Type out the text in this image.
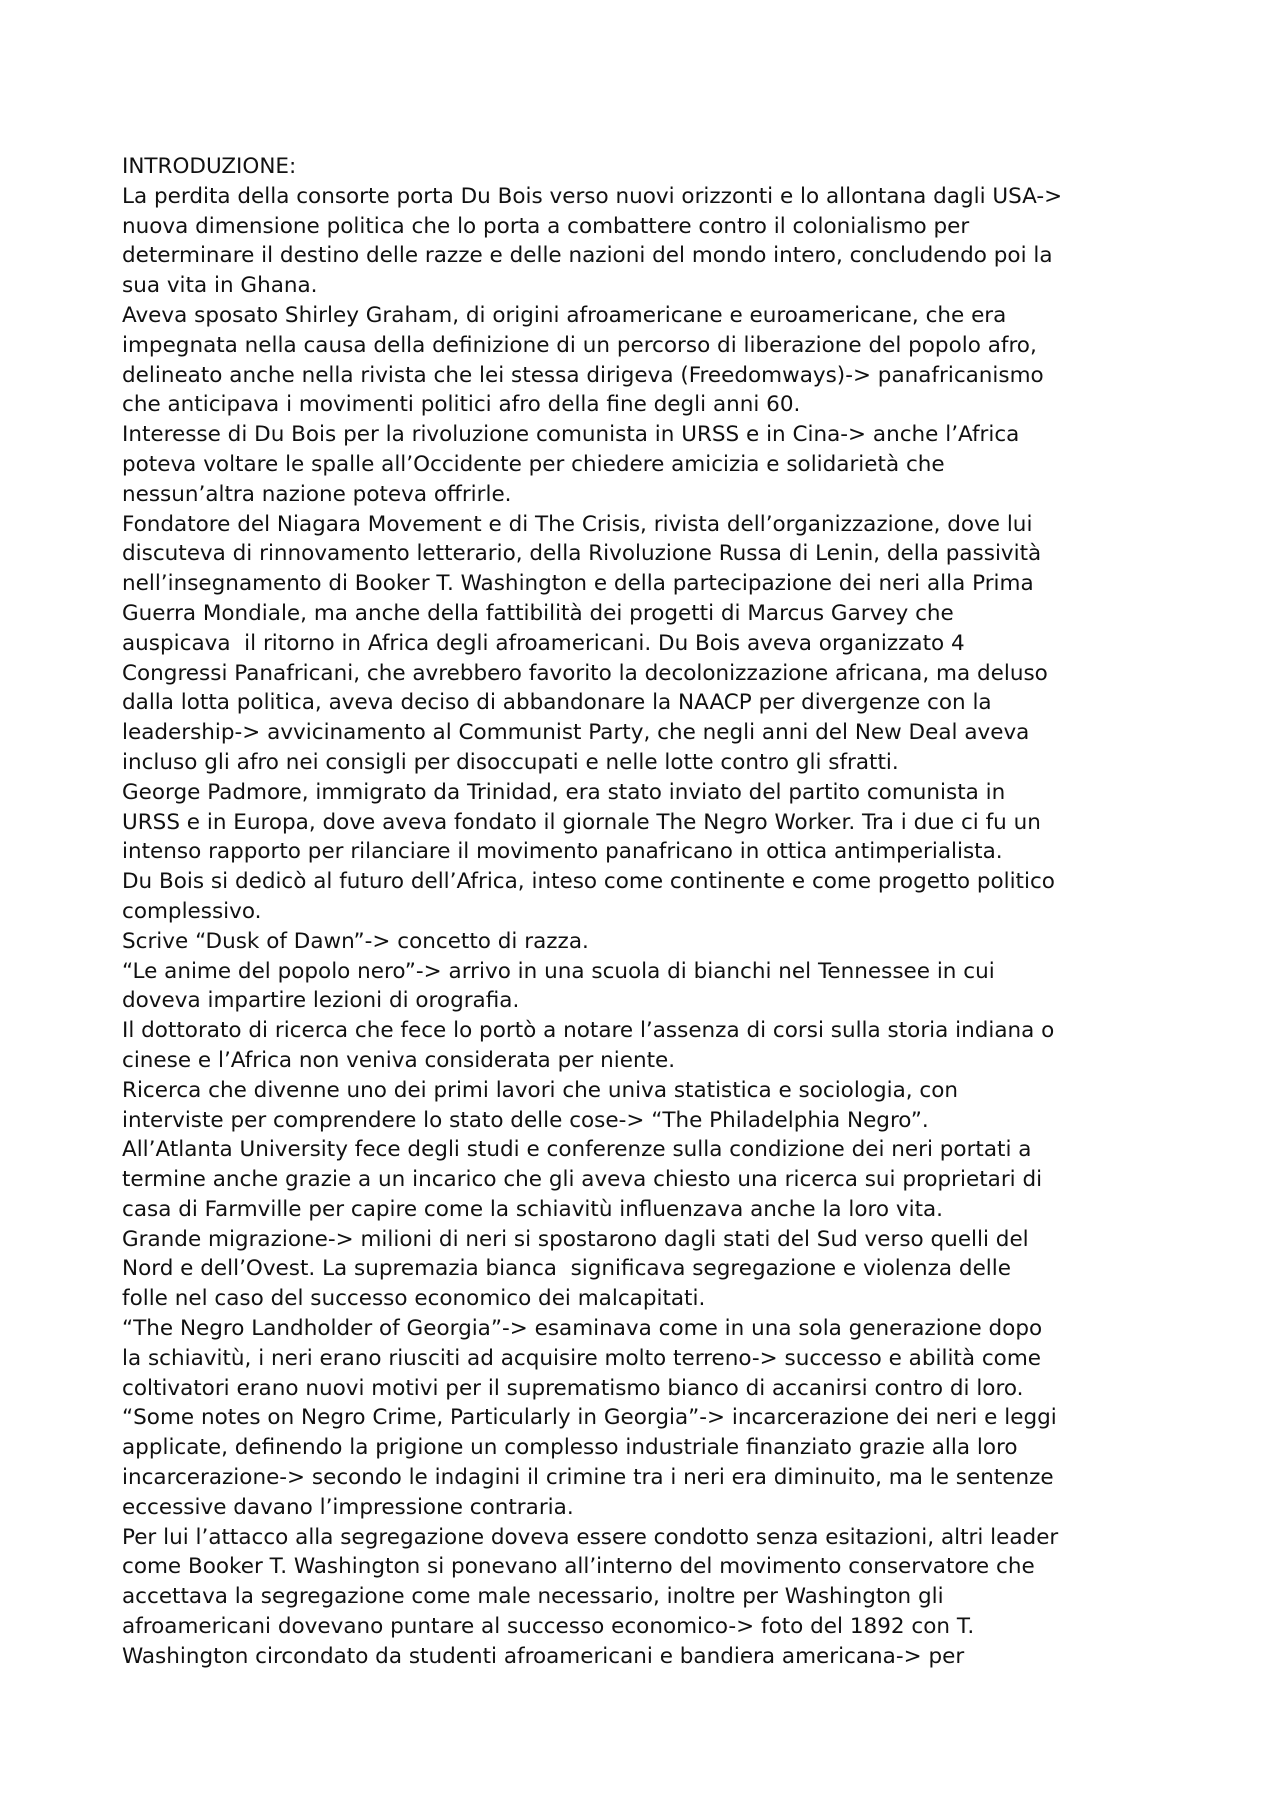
INTRODUZIONE:
La perdita della consorte porta Du Bois verso nuovi orizzonti e lo allontana dagli USA->
nuova dimensione politica che lo porta a combattere contro il colonialismo per
determinare il destino delle razze e delle nazioni del mondo intero, concludendo poi la
sua vita in Ghana.
Aveva sposato Shirley Graham, di origini afroamericane e euroamericane, che era
impegnata nella causa della definizione di un percorso di liberazione del popolo afro,
delineato anche nella rivista che lei stessa dirigeva (Freedomways)-> panafricanismo
che anticipava i movimenti politici afro della fine degli anni 60.
Interesse di Du Bois per la rivoluzione comunista in URSS e in Cina-> anche l’Africa
poteva voltare le spalle all’Occidente per chiedere amicizia e solidarietà che
nessun’altra nazione poteva offrirle.
Fondatore del Niagara Movement e di The Crisis, rivista dell’organizzazione, dove lui
discuteva di rinnovamento letterario, della Rivoluzione Russa di Lenin, della passività
nell’insegnamento di Booker T. Washington e della partecipazione dei neri alla Prima
Guerra Mondiale, ma anche della fattibilità dei progetti di Marcus Garvey che
auspicava  il ritorno in Africa degli afroamericani. Du Bois aveva organizzato 4
Congressi Panafricani, che avrebbero favorito la decolonizzazione africana, ma deluso
dalla lotta politica, aveva deciso di abbandonare la NAACP per divergenze con la
leadership-> avvicinamento al Communist Party, che negli anni del New Deal aveva
incluso gli afro nei consigli per disoccupati e nelle lotte contro gli sfratti.
George Padmore, immigrato da Trinidad, era stato inviato del partito comunista in
URSS e in Europa, dove aveva fondato il giornale The Negro Worker. Tra i due ci fu un
intenso rapporto per rilanciare il movimento panafricano in ottica antimperialista.
Du Bois si dedicò al futuro dell’Africa, inteso come continente e come progetto politico
complessivo.
Scrive “Dusk of Dawn”-> concetto di razza.
“Le anime del popolo nero”-> arrivo in una scuola di bianchi nel Tennessee in cui
doveva impartire lezioni di orografia.
Il dottorato di ricerca che fece lo portò a notare l’assenza di corsi sulla storia indiana o
cinese e l’Africa non veniva considerata per niente.
Ricerca che divenne uno dei primi lavori che univa statistica e sociologia, con
interviste per comprendere lo stato delle cose-> “The Philadelphia Negro”.
All’Atlanta University fece degli studi e conferenze sulla condizione dei neri portati a
termine anche grazie a un incarico che gli aveva chiesto una ricerca sui proprietari di
casa di Farmville per capire come la schiavitù influenzava anche la loro vita.
Grande migrazione-> milioni di neri si spostarono dagli stati del Sud verso quelli del
Nord e dell’Ovest. La supremazia bianca  significava segregazione e violenza delle
folle nel caso del successo economico dei malcapitati.
“The Negro Landholder of Georgia”-> esaminava come in una sola generazione dopo
la schiavitù, i neri erano riusciti ad acquisire molto terreno-> successo e abilità come
coltivatori erano nuovi motivi per il suprematismo bianco di accanirsi contro di loro.
“Some notes on Negro Crime, Particularly in Georgia”-> incarcerazione dei neri e leggi
applicate, definendo la prigione un complesso industriale finanziato grazie alla loro
incarcerazione-> secondo le indagini il crimine tra i neri era diminuito, ma le sentenze
eccessive davano l’impressione contraria.
Per lui l’attacco alla segregazione doveva essere condotto senza esitazioni, altri leader
come Booker T. Washington si ponevano all’interno del movimento conservatore che
accettava la segregazione come male necessario, inoltre per Washington gli
afroamericani dovevano puntare al successo economico-> foto del 1892 con T.
Washington circondato da studenti afroamericani e bandiera americana-> per
